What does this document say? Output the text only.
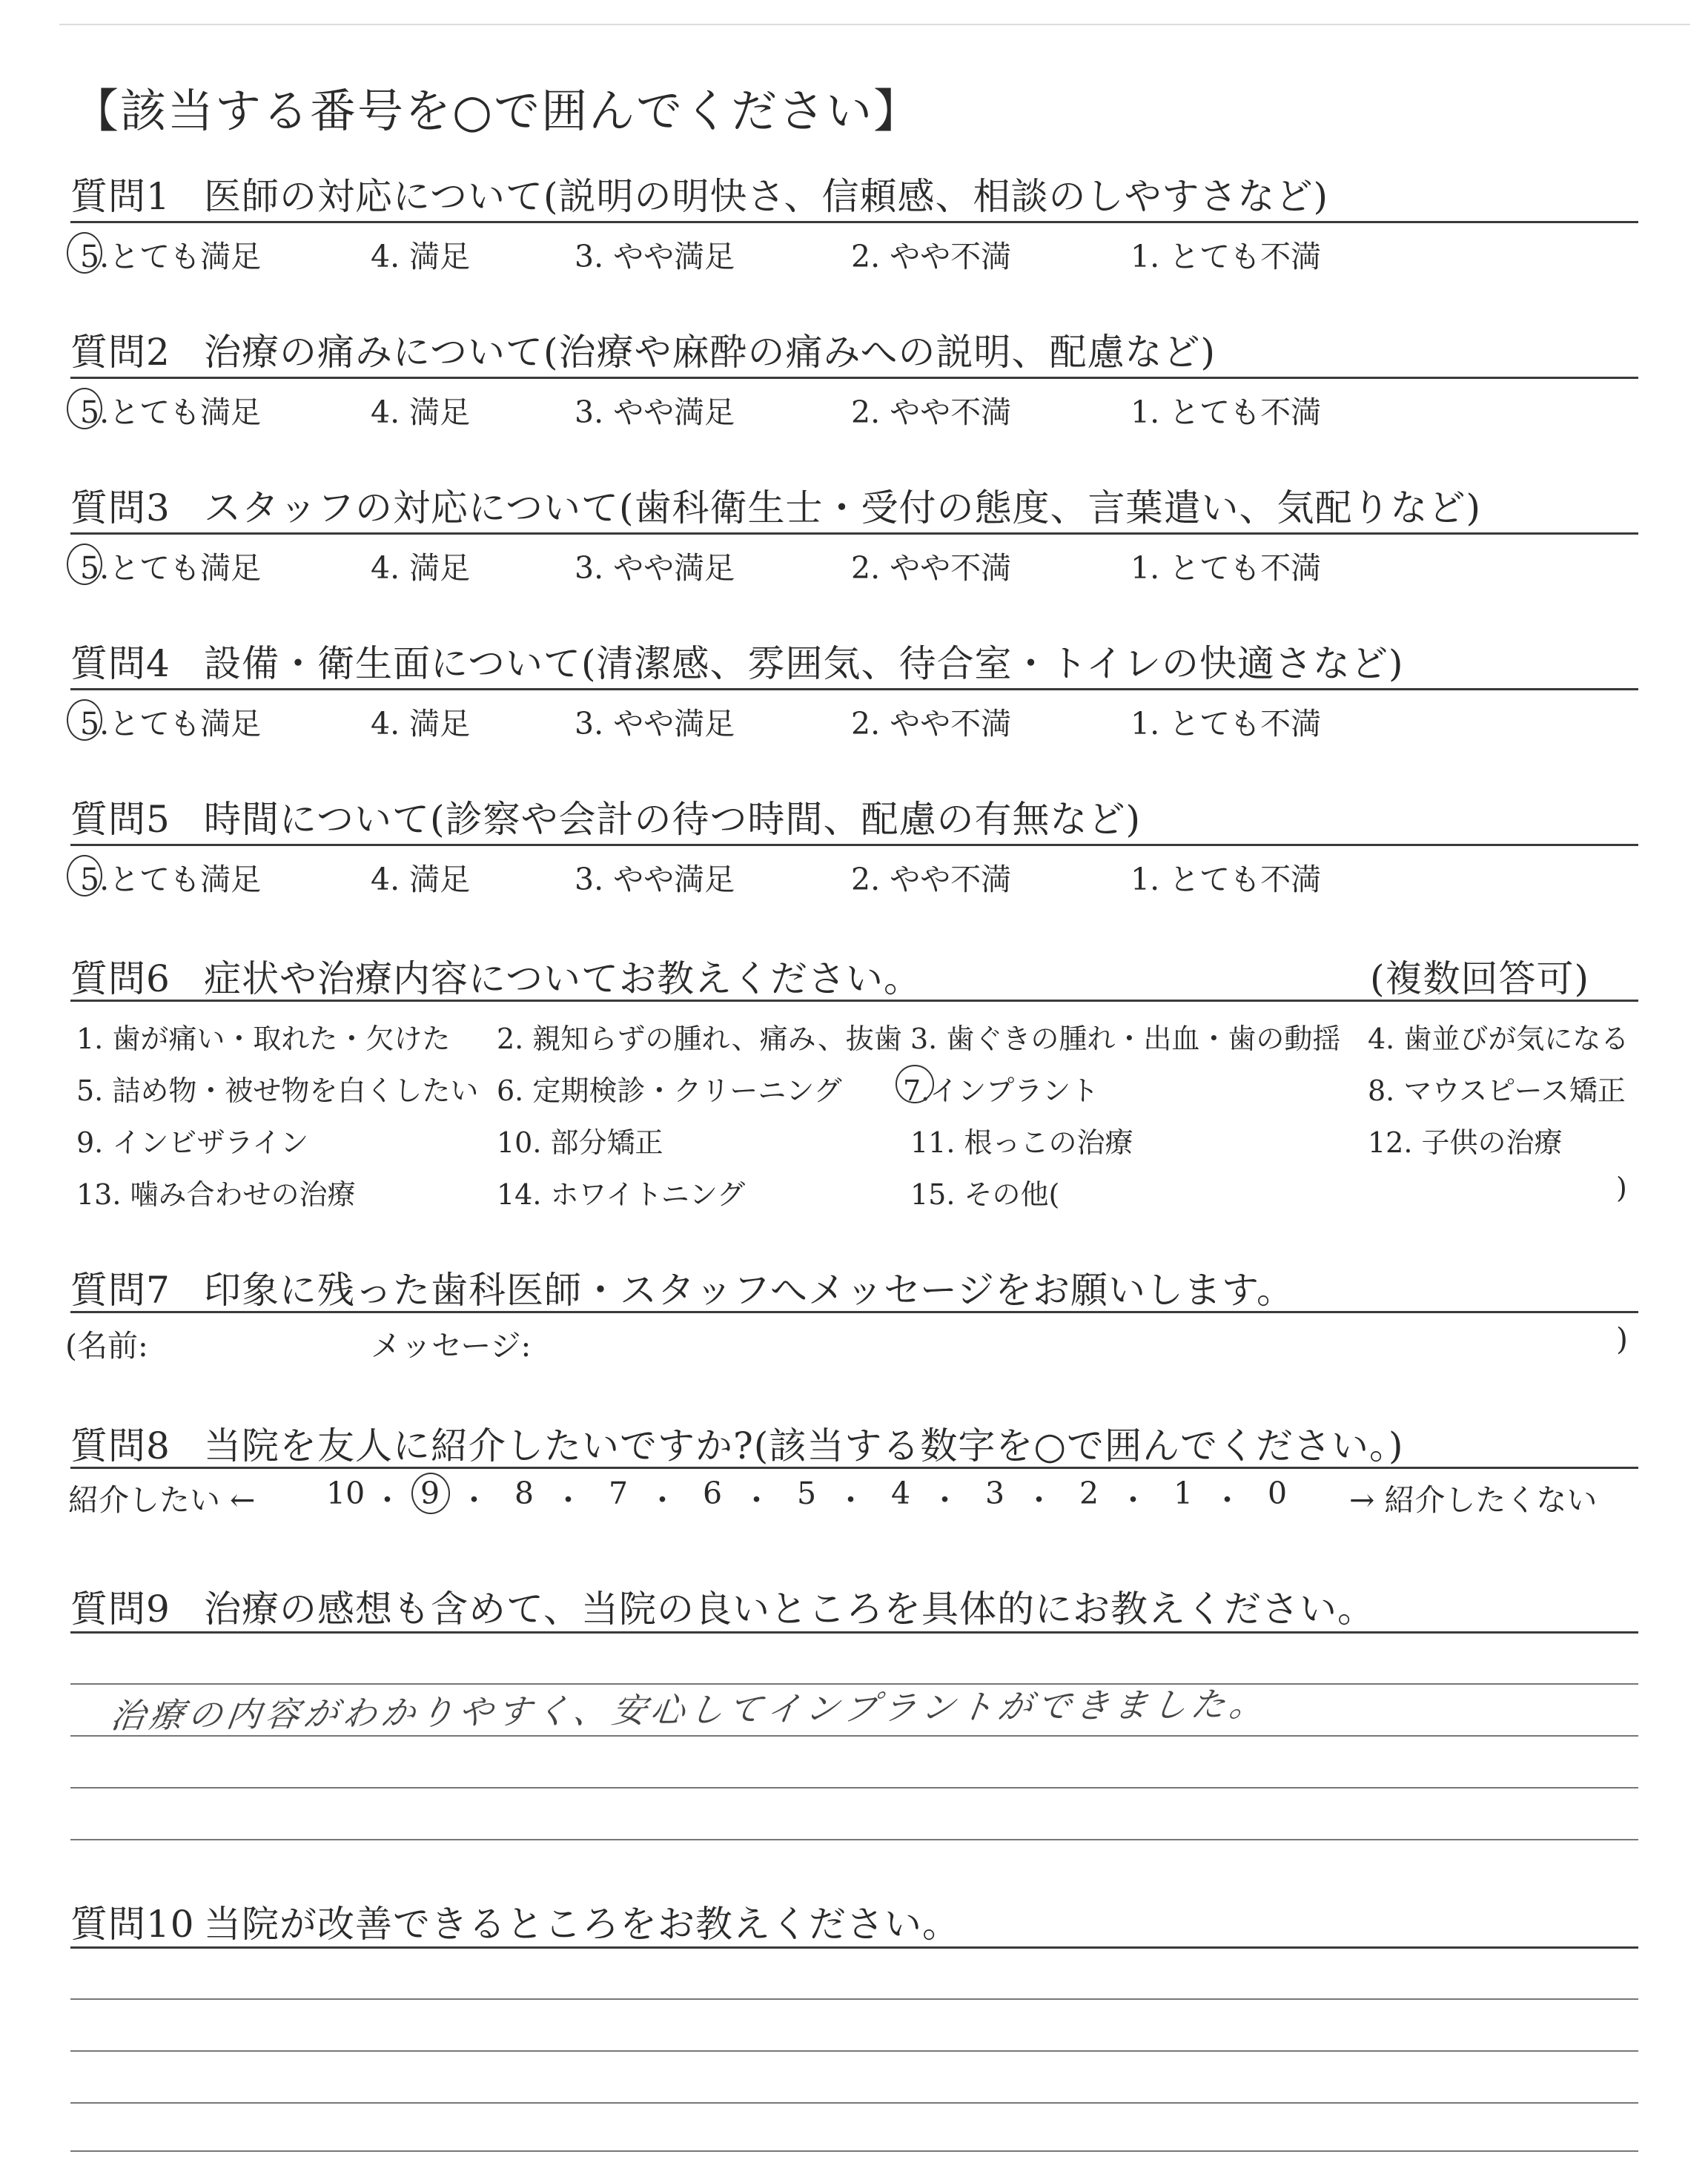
【該当する番号を○で囲んでください】
質問1 医師の対応について(説明の明快さ、信頼感、相談のしやすさなど)
5.とても満足	4. 満足	3. やや満足	2. やや不満	1. とても不満
質問2 治療の痛みについて(治療や麻酔の痛みへの説明、配慮など)
5.とても満足	4. 満足	3. やや満足	2. やや不満	1. とても不満
質問3 スタッフの対応について(歯科衛生士・受付の態度、言葉遣い、気配りなど)
5.とても満足	4. 満足	3. やや満足	2. やや不満	1. とても不満
質問4 設備・衛生面について(清潔感、雰囲気、待合室・トイレの快適さなど)
5.とても満足	4. 満足	3. やや満足	2. やや不満	1. とても不満
質問5 時間について(診察や会計の待つ時間、配慮の有無など)
5.とても満足	4. 満足	3. やや満足	2. やや不満	1. とても不満
質問6 症状や治療内容についてお教えください。	(複数回答可)
1. 歯が痛い・取れた・欠けた 2. 親知らずの腫れ、痛み、抜歯 3. 歯ぐきの腫れ・出血・歯の動揺 4. 歯並びが気になる
5. 詰め物・被せ物を白くしたい 6. 定期検診・クリーニング 7.インプラント	8. マウスピース矯正
9. インビザライン	10. 部分矯正	11. 根っこの治療	12. 子供の治療
13. 噛み合わせの治療	14. ホワイトニング	15. その他(	)
質問7 印象に残った歯科医師・スタッフへメッセージをお願いします。
(名前:	メッセージ:	)
質問8 当院を友人に紹介したいですか?(該当する数字を○で囲んでください。)
紹介したい ←	→ 紹介したくない
10 ・ 9 ・ 8 ・ 7 ・ 6 ・ 5 ・ 4 ・ 3 ・ 2 ・ 1 ・ 0
質問9 治療の感想も含めて、当院の良いところを具体的にお教えください。
治療の内容がわかりやすく、安心してインプラントができました。
質問10 当院が改善できるところをお教えください。
